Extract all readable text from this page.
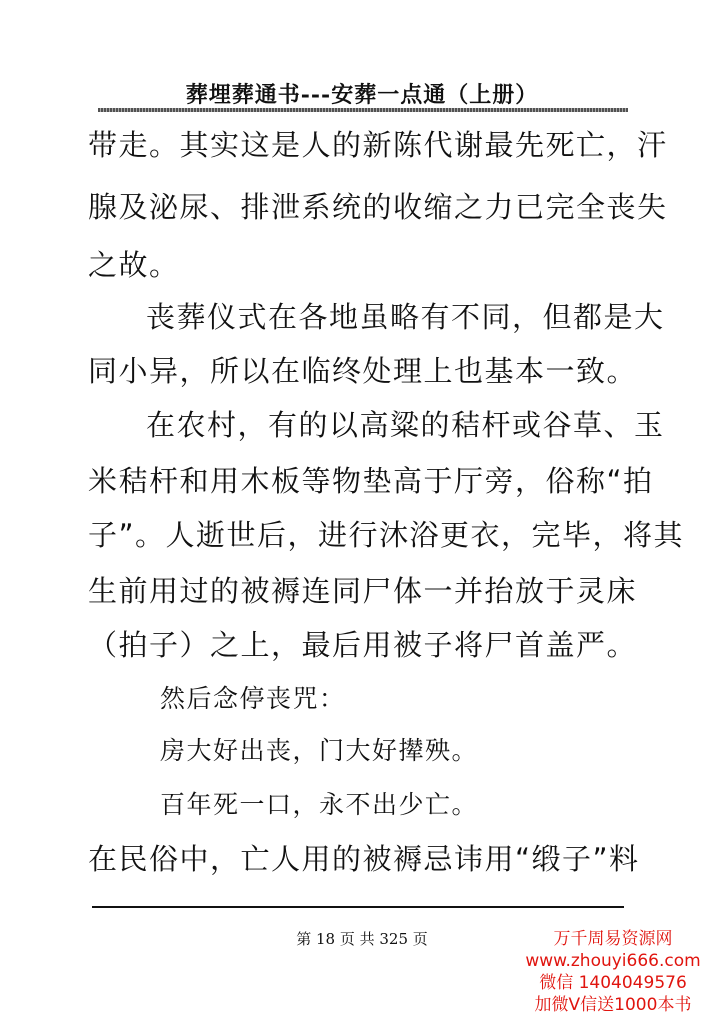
葬埋葬通书---安葬一点通（上册）
带走。其实这是人的新陈代谢最先死亡，汗
腺及泌尿、排泄系统的收缩之力已完全丧失
之故。
丧葬仪式在各地虽略有不同，但都是大
同小异，所以在临终处理上也基本一致。
在农村，有的以高粱的秸杆或谷草、玉
米秸杆和用木板等物垫高于厅旁，俗称“拍
子”。人逝世后，进行沐浴更衣，完毕，将其
生前用过的被褥连同尸体一并抬放于灵床
（拍子）之上，最后用被子将尸首盖严。
然后念停丧咒：
房大好出丧，门大好撵殃。
百年死一口，永不出少亡。
在民俗中，亡人用的被褥忌讳用“缎子”料
第 18 页 共 325 页	万千周易资源网
www.zhouyi666.com
微信 1404049576
加微V信送1000本书
